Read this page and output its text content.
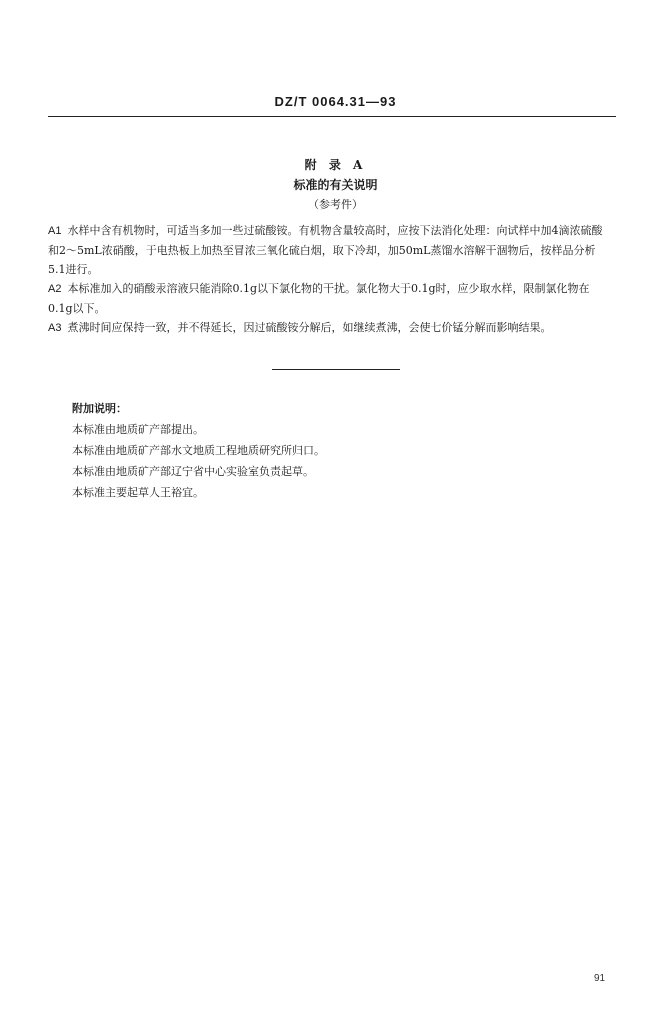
DZ/T 0064.31—93
附 录 A
标准的有关说明
（参考件）

A1 水样中含有机物时，可适当多加一些过硫酸铵。有机物含量较高时，应按下法消化处理：向试样中加4滴浓硫酸和2～5mL浓硝酸，于电热板上加热至冒浓三氧化硫白烟，取下冷却，加50mL蒸馏水溶解干涸物后，按样品分析5.1进行。

A2 本标准加入的硝酸汞溶液只能消除0.1g以下氯化物的干扰。氯化物大于0.1g时，应少取水样，限制氯化物在0.1g以下。

A3 煮沸时间应保持一致，并不得延长，因过硫酸铵分解后，如继续煮沸，会使七价锰分解而影响结果。

附加说明：
本标准由地质矿产部提出。
本标准由地质矿产部水文地质工程地质研究所归口。
本标准由地质矿产部辽宁省中心实验室负责起草。
本标准主要起草人王裕宜。
91
